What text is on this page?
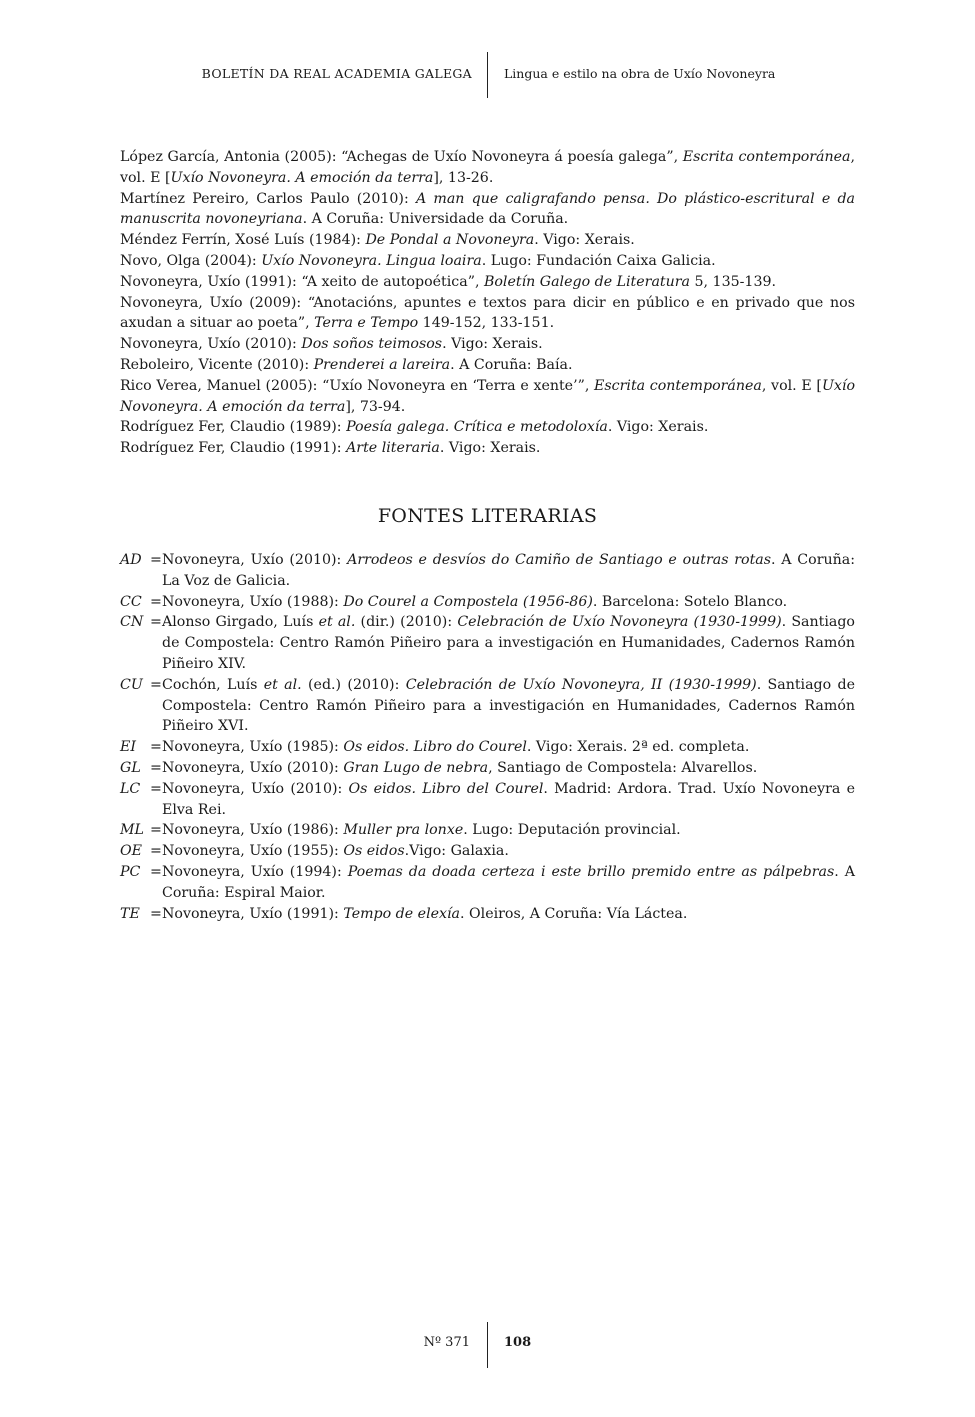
BOLETÍN DA REAL ACADEMIA GALEGA	Lingua e estilo na obra de Uxío Novoneyra
López García, Antonia (2005): “Achegas de Uxío Novoneyra á poesía galega”, Escrita contemporánea, vol. E [Uxío Novoneyra. A emoción da terra], 13-26.
Martínez Pereiro, Carlos Paulo (2010): A man que caligrafando pensa. Do plástico-escritural e da manuscrita novoneyriana. A Coruña: Universidade da Coruña.
Méndez Ferrín, Xosé Luís (1984): De Pondal a Novoneyra. Vigo: Xerais.
Novo, Olga (2004): Uxío Novoneyra. Lingua loaira. Lugo: Fundación Caixa Galicia.
Novoneyra, Uxío (1991): “A xeito de autopoética”, Boletín Galego de Literatura 5, 135-139.
Novoneyra, Uxío (2009): “Anotacións, apuntes e textos para dicir en público e en privado que nos axudan a situar ao poeta”, Terra e Tempo 149-152, 133-151.
Novoneyra, Uxío (2010): Dos soños teimosos. Vigo: Xerais.
Reboleiro, Vicente (2010): Prenderei a lareira. A Coruña: Baía.
Rico Verea, Manuel (2005): “Uxío Novoneyra en ‘Terra e xente’”, Escrita contemporánea, vol. E [Uxío Novoneyra. A emoción da terra], 73-94.
Rodríguez Fer, Claudio (1989): Poesía galega. Crítica e metodoloxía. Vigo: Xerais.
Rodríguez Fer, Claudio (1991): Arte literaria. Vigo: Xerais.
FONTES LITERARIAS
AD = Novoneyra, Uxío (2010): Arrodeos e desvíos do Camiño de Santiago e outras rotas. A Coruña: La Voz de Galicia.
CC = Novoneyra, Uxío (1988): Do Courel a Compostela (1956-86). Barcelona: Sotelo Blanco.
CN = Alonso Girgado, Luís et al. (dir.) (2010): Celebración de Uxío Novoneyra (1930-1999). Santiago de Compostela: Centro Ramón Piñeiro para a investigación en Humanidades, Cadernos Ramón Piñeiro XIV.
CU = Cochón, Luís et al. (ed.) (2010): Celebración de Uxío Novoneyra, II (1930-1999). Santiago de Compostela: Centro Ramón Piñeiro para a investigación en Humanidades, Cadernos Ramón Piñeiro XVI.
EI = Novoneyra, Uxío (1985): Os eidos. Libro do Courel. Vigo: Xerais. 2ª ed. completa.
GL = Novoneyra, Uxío (2010): Gran Lugo de nebra, Santiago de Compostela: Alvarellos.
LC = Novoneyra, Uxío (2010): Os eidos. Libro del Courel. Madrid: Ardora. Trad. Uxío Novoneyra e Elva Rei.
ML = Novoneyra, Uxío (1986): Muller pra lonxe. Lugo: Deputación provincial.
OE = Novoneyra, Uxío (1955): Os eidos.Vigo: Galaxia.
PC = Novoneyra, Uxío (1994): Poemas da doada certeza i este brillo premido entre as pálpebras. A Coruña: Espiral Maior.
TE = Novoneyra, Uxío (1991): Tempo de elexía. Oleiros, A Coruña: Vía Láctea.
Nº 371	108
